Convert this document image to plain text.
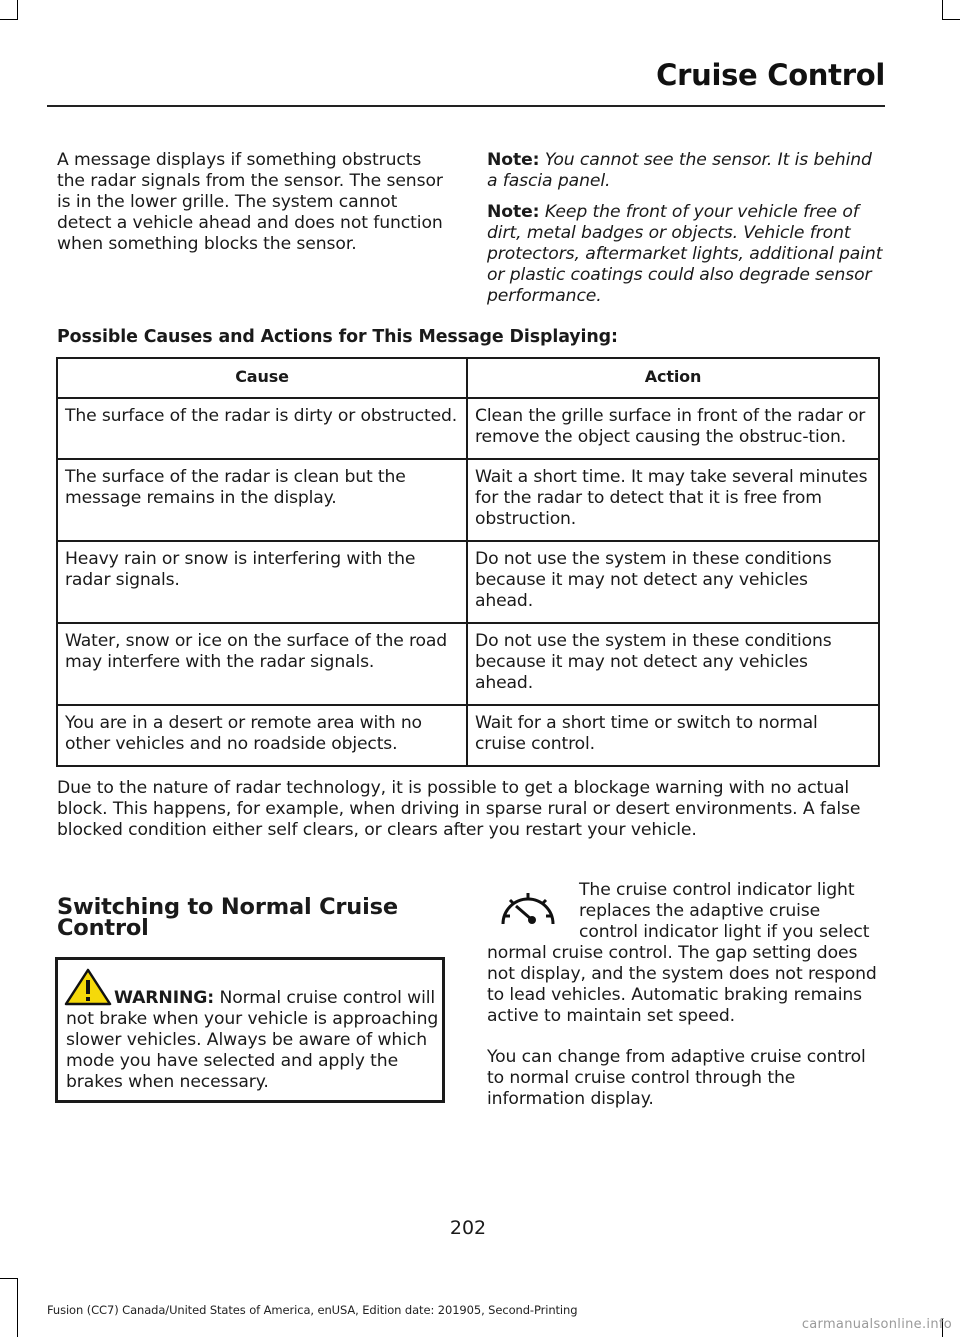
Cruise Control

A message displays if something obstructs the radar signals from the sensor. The sensor is in the lower grille. The system cannot detect a vehicle ahead and does not function when something blocks the sensor.

Note: You cannot see the sensor. It is behind a fascia panel.

Note: Keep the front of your vehicle free of dirt, metal badges or objects. Vehicle front protectors, aftermarket lights, additional paint or plastic coatings could also degrade sensor performance.

Possible Causes and Actions for This Message Displaying:
Cause	Action
The surface of the radar is dirty or obstructed.	Clean the grille surface in front of the radar or remove the object causing the obstruc-tion.
The surface of the radar is clean but the message remains in the display.	Wait a short time. It may take several minutes for the radar to detect that it is free from obstruction.
Heavy rain or snow is interfering with the radar signals.	Do not use the system in these conditions because it may not detect any vehicles ahead.
Water, snow or ice on the surface of the road may interfere with the radar signals.	Do not use the system in these conditions because it may not detect any vehicles ahead.
You are in a desert or remote area with no other vehicles and no roadside objects.	Wait for a short time or switch to normal cruise control.

Due to the nature of radar technology, it is possible to get a blockage warning with no actual block. This happens, for example, when driving in sparse rural or desert environments. A false blocked condition either self clears, or clears after you restart your vehicle.

Switching to Normal Cruise Control
WARNING: Normal cruise control will not brake when your vehicle is approaching slower vehicles. Always be aware of which mode you have selected and apply the brakes when necessary.

The cruise control indicator light replaces the adaptive cruise control indicator light if you select normal cruise control. The gap setting does not display, and the system does not respond to lead vehicles. Automatic braking remains active to maintain set speed.

You can change from adaptive cruise control to normal cruise control through the information display.

202
Fusion (CC7) Canada/United States of America, enUSA, Edition date: 201905, Second-Printing
carmanualsonline.info
